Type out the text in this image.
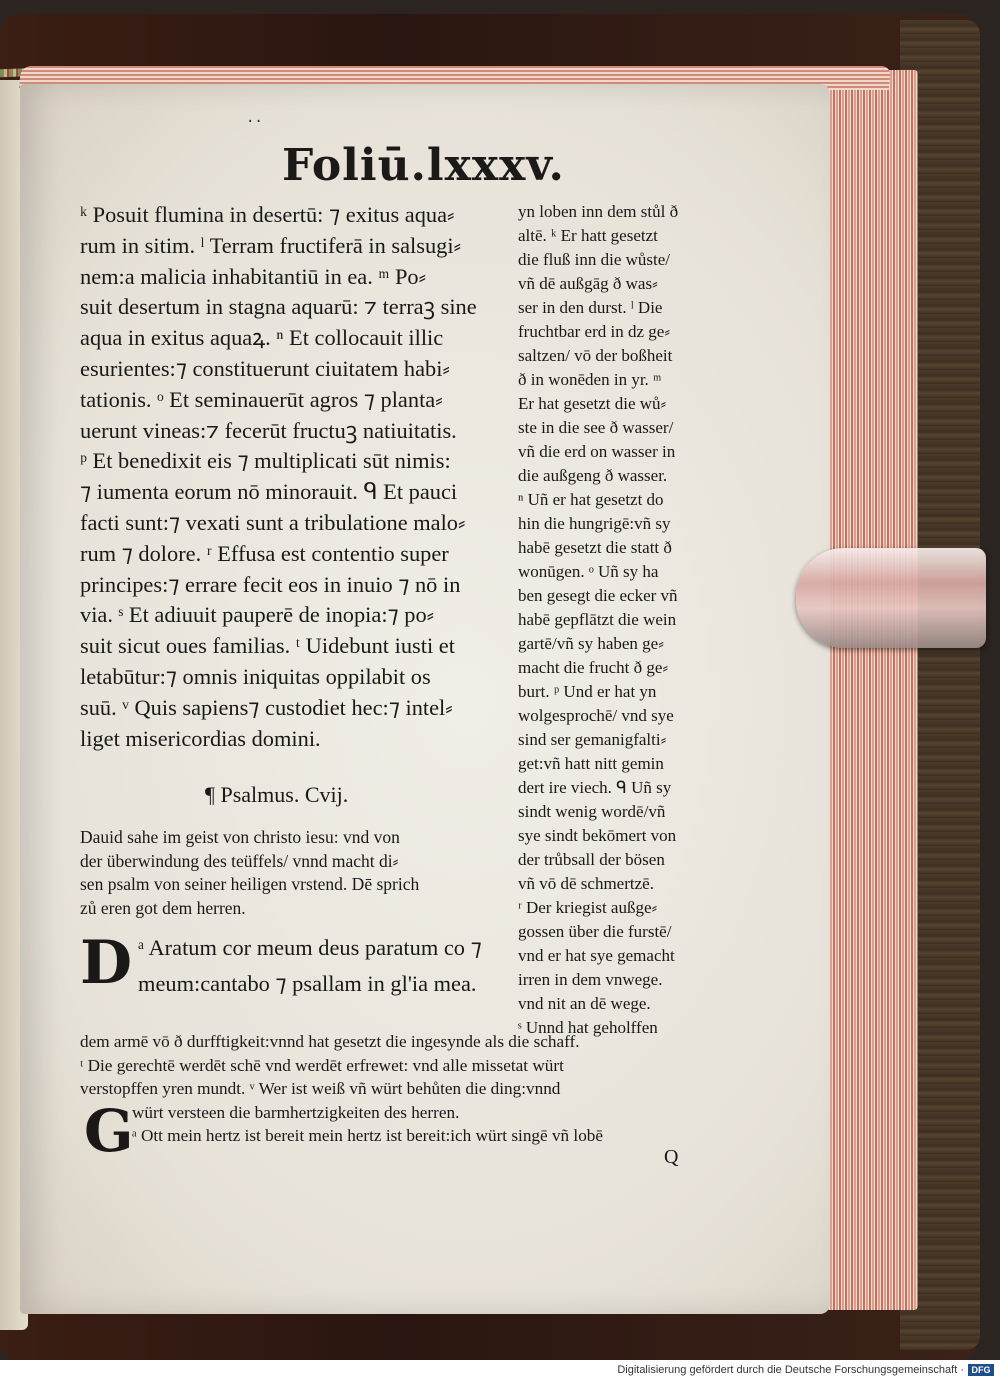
..
Foliū.lxxxv.
ᵏ Posuit flumina in desertū: ⁊ exitus aqua⸗
rum in sitim. ˡ Terram fructiferā in salsugi⸗
nem:a malicia inhabitantiū in ea. ᵐ Po⸗
suit desertum in stagna aquarū: ⁊ terraꝫ sine
aqua in exitus aquaꝝ. ⁿ Et collocauit illic
esurientes:⁊ constituerunt ciuitatem habi⸗
tationis. ᵒ Et seminauerūt agros ⁊ planta⸗
uerunt vineas:⁊ fecerūt fructuꝫ natiuitatis.
ᵖ Et benedixit eis ⁊ multiplicati sūt nimis:
⁊ iumenta eorum nō minorauit. ᑫ Et pauci
facti sunt:⁊ vexati sunt a tribulatione malo⸗
rum ⁊ dolore. ʳ Effusa est contentio super
principes:⁊ errare fecit eos in inuio ⁊ nō in
via. ˢ Et adiuuit pauperē de inopia:⁊ po⸗
suit sicut oues familias. ᵗ Uidebunt iusti et
letabūtur:⁊ omnis iniquitas oppilabit os
suū. ᵛ Quis sapiens⁊ custodiet hec:⁊ intel⸗
liget misericordias domini.
yn loben inn dem stůl ð
altē. ᵏ Er hatt gesetzt
die fluß inn die wůste/
vñ dē außgāg ð was⸗
ser in den durst. ˡ Die
fruchtbar erd in dz ge⸗
saltzen/ vō der boßheit
ð in wonēden in yr. ᵐ
Er hat gesetzt die wů⸗
ste in die see ð wasser/
vñ die erd on wasser in
die außgeng ð wasser.
ⁿ Uñ er hat gesetzt do
hin die hungrigē:vñ sy
habē gesetzt die statt ð
wonūgen. ᵒ Uñ sy ha
ben gesegt die ecker vñ
habē gepflātzt die wein
gartē/vñ sy haben ge⸗
macht die frucht ð ge⸗
burt. ᵖ Und er hat yn
wolgesprochē/ vnd sye
sind ser gemanigfalti⸗
get:vñ hatt nitt gemin
dert ire viech. ᑫ Uñ sy
sindt wenig wordē/vñ
sye sindt bekōmert von
der trůbsall der bösen
vñ vō dē schmertzē.
ʳ Der kriegist außge⸗
gossen über die furstē/
vnd er hat sye gemacht
irren in dem vnwege.
vnd nit an dē wege.
ˢ Unnd hat geholffen
¶ Psalmus. Cvij.
Dauid sahe im geist von christo iesu: vnd von
der überwindung des teüffels/ vnnd macht di⸗
sen psalm von seiner heiligen vrstend. Dē sprich
zů eren got dem herren.
D ᵃ Aratum cor meum deus paratum co ⁊
meum:cantabo ⁊ psallam in gl'ia mea.
dem armē vō ð durfftigkeit:vnnd hat gesetzt die ingesynde als die schaff.
ᵗ Die gerechtē werdēt schē vnd werdēt erfrewet: vnd alle missetat würt
verstopffen yren mundt. ᵛ Wer ist weiß vñ würt behůten die ding:vnnd
würt versteen die barmhertzigkeiten des herren.
ᵃ Ott mein hertz ist bereit mein hertz ist bereit:ich würt singē vñ lobē
G	Q
Digitalisierung gefördert durch die Deutsche Forschungsgemeinschaft · DFG
